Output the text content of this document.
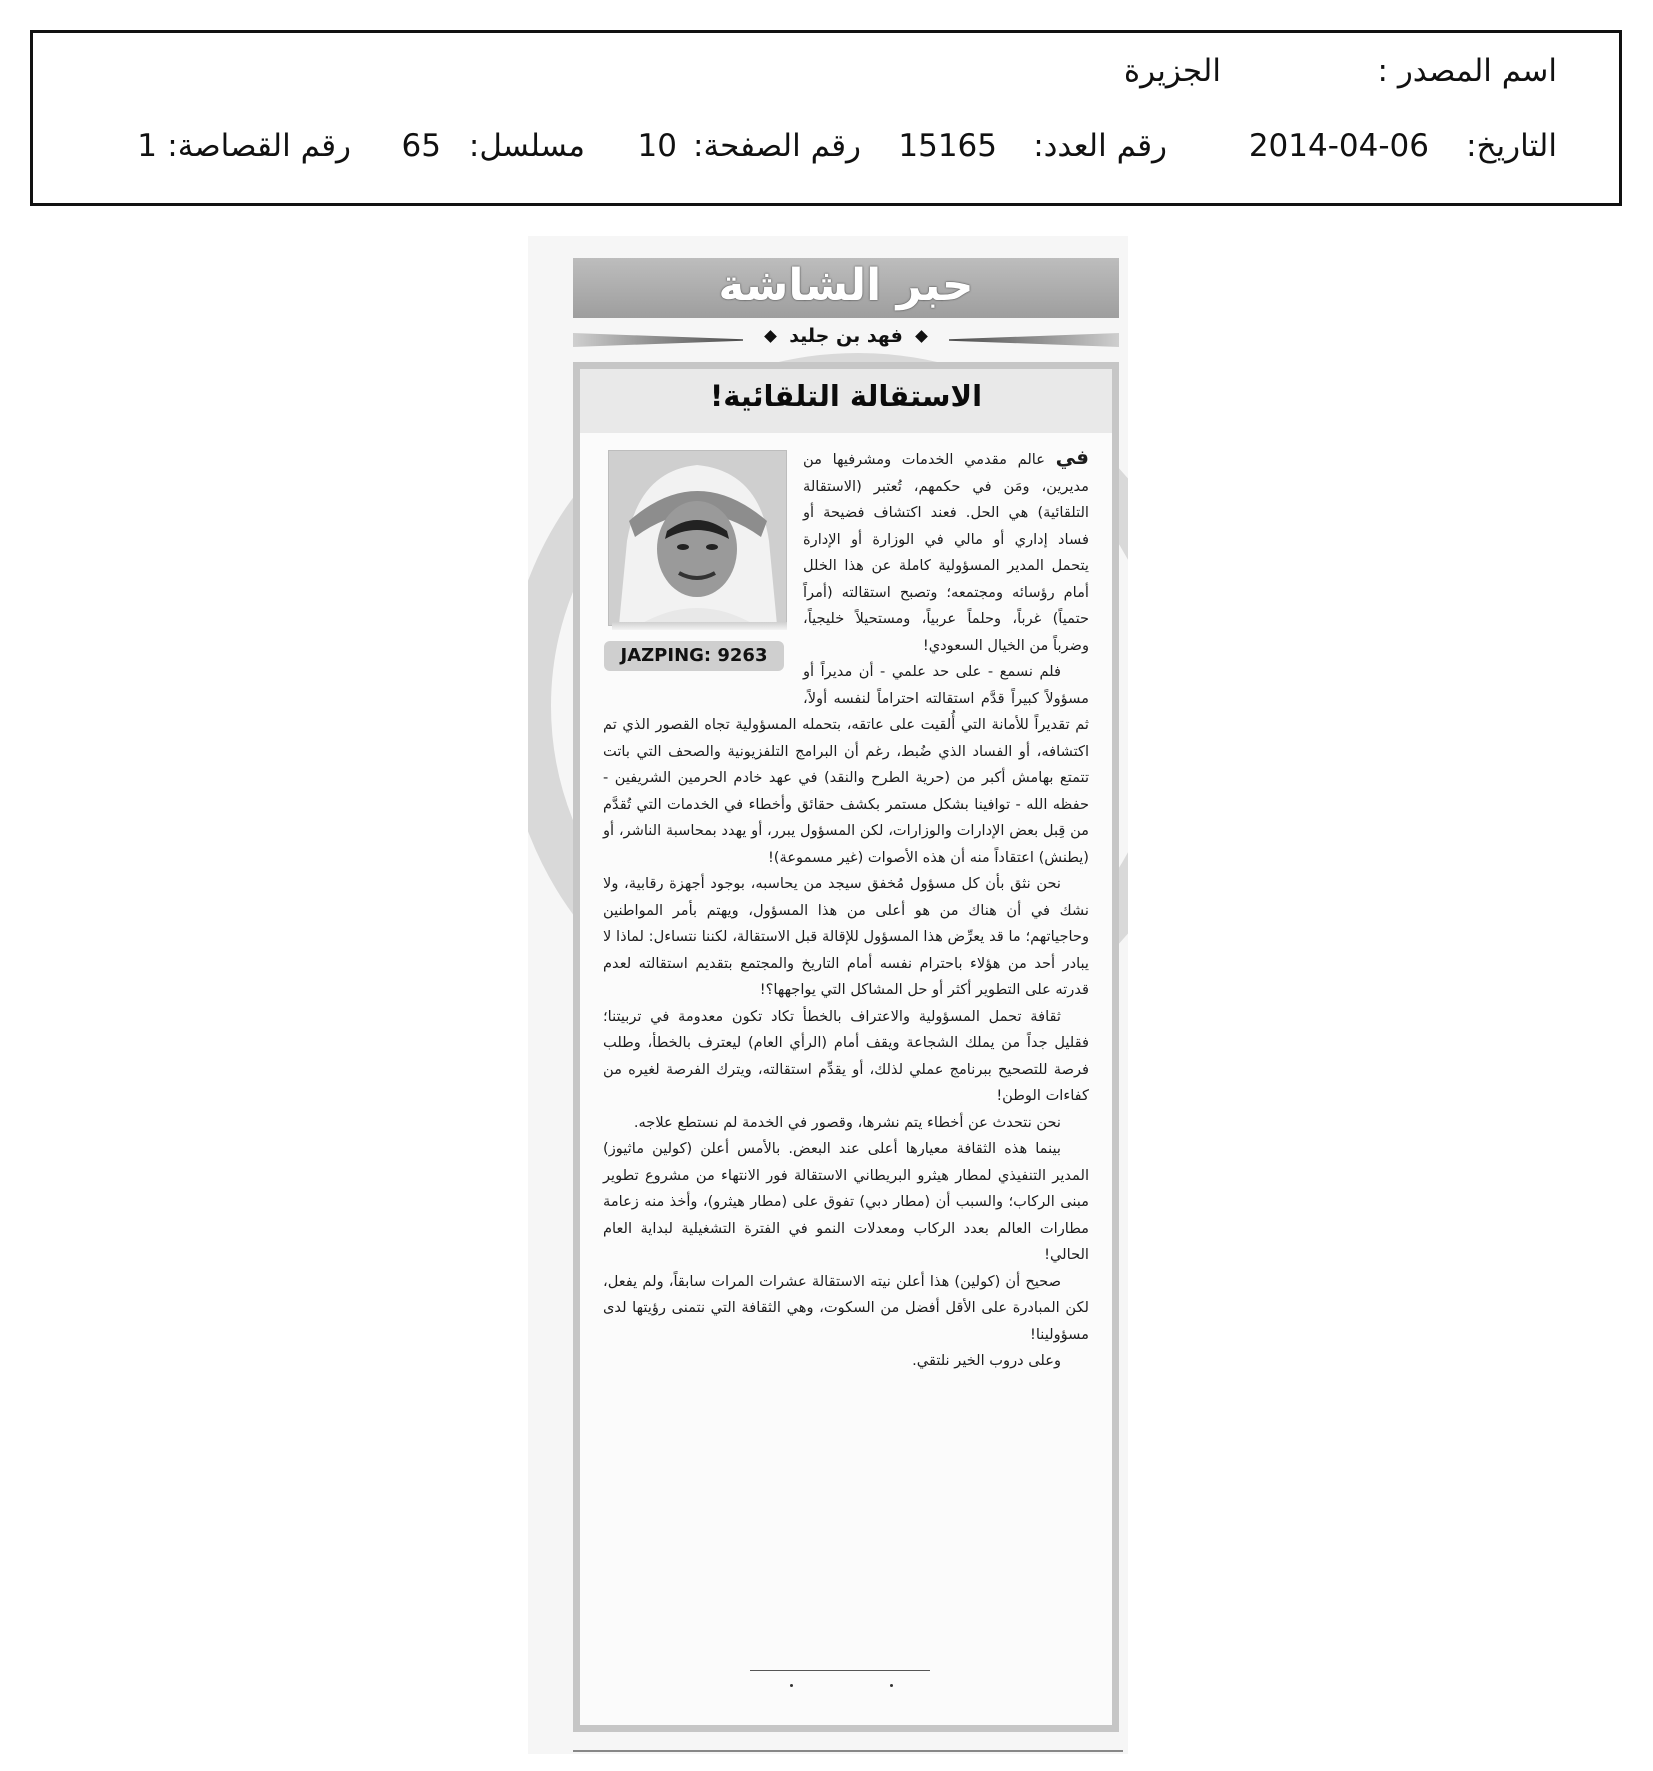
اسم المصدر :
الجزيرة
التاريخ:
2014-04-06
رقم العدد:
15165
رقم الصفحة:
10
مسلسل:
65
رقم القصاصة:
1
حبر الشاشة
فهد بن جليد
الاستقالة التلقائية!
JAZPING: 9263

في عالم مقدمي الخدمات ومشرفيها من مديرين، ومَن في حكمهم، تُعتبر (الاستقالة التلقائية) هي الحل. فعند اكتشاف فضيحة أو فساد إداري أو مالي في الوزارة أو الإدارة يتحمل المدير المسؤولية كاملة عن هذا الخلل أمام رؤسائه ومجتمعه؛ وتصبح استقالته (أمراً حتمياً) غرباً، وحلماً عربياً، ومستحيلاً خليجياً، وضرباً من الخيال السعودي!

فلم نسمع - على حد علمي - أن مديراً أو مسؤولاً كبيراً قدَّم استقالته احتراماً لنفسه أولاً، ثم تقديراً للأمانة التي أُلقيت على عاتقه، بتحمله المسؤولية تجاه القصور الذي تم اكتشافه، أو الفساد الذي ضُبط، رغم أن البرامج التلفزيونية والصحف التي باتت تتمتع بهامش أكبر من (حرية الطرح والنقد) في عهد خادم الحرمين الشريفين - حفظه الله - توافينا بشكل مستمر بكشف حقائق وأخطاء في الخدمات التي تُقدَّم من قِبل بعض الإدارات والوزارات، لكن المسؤول يبرر، أو يهدد بمحاسبة الناشر، أو (يطنش) اعتقاداً منه أن هذه الأصوات (غير مسموعة)!

نحن نثق بأن كل مسؤول مُخفق سيجد من يحاسبه، بوجود أجهزة رقابية، ولا نشك في أن هناك من هو أعلى من هذا المسؤول، ويهتم بأمر المواطنين وحاجياتهم؛ ما قد يعرِّض هذا المسؤول للإقالة قبل الاستقالة، لكننا نتساءل: لماذا لا يبادر أحد من هؤلاء باحترام نفسه أمام التاريخ والمجتمع بتقديم استقالته لعدم قدرته على التطوير أكثر أو حل المشاكل التي يواجهها؟!

ثقافة تحمل المسؤولية والاعتراف بالخطأ تكاد تكون معدومة في تربيتنا؛ فقليل جداً من يملك الشجاعة ويقف أمام (الرأي العام) ليعترف بالخطأ، وطلب فرصة للتصحيح ببرنامج عملي لذلك، أو يقدِّم استقالته، ويترك الفرصة لغيره من كفاءات الوطن!

نحن نتحدث عن أخطاء يتم نشرها، وقصور في الخدمة لم نستطع علاجه.

بينما هذه الثقافة معيارها أعلى عند البعض. بالأمس أعلن (كولين ماثيوز) المدير التنفيذي لمطار هيثرو البريطاني الاستقالة فور الانتهاء من مشروع تطوير مبنى الركاب؛ والسبب أن (مطار دبي) تفوق على (مطار هيثرو)، وأخذ منه زعامة مطارات العالم بعدد الركاب ومعدلات النمو في الفترة التشغيلية لبداية العام الحالي!

صحيح أن (كولين) هذا أعلن نيته الاستقالة عشرات المرات سابقاً، ولم يفعل، لكن المبادرة على الأقل أفضل من السكوت، وهي الثقافة التي نتمنى رؤيتها لدى مسؤولينا!

وعلى دروب الخير نلتقي.
